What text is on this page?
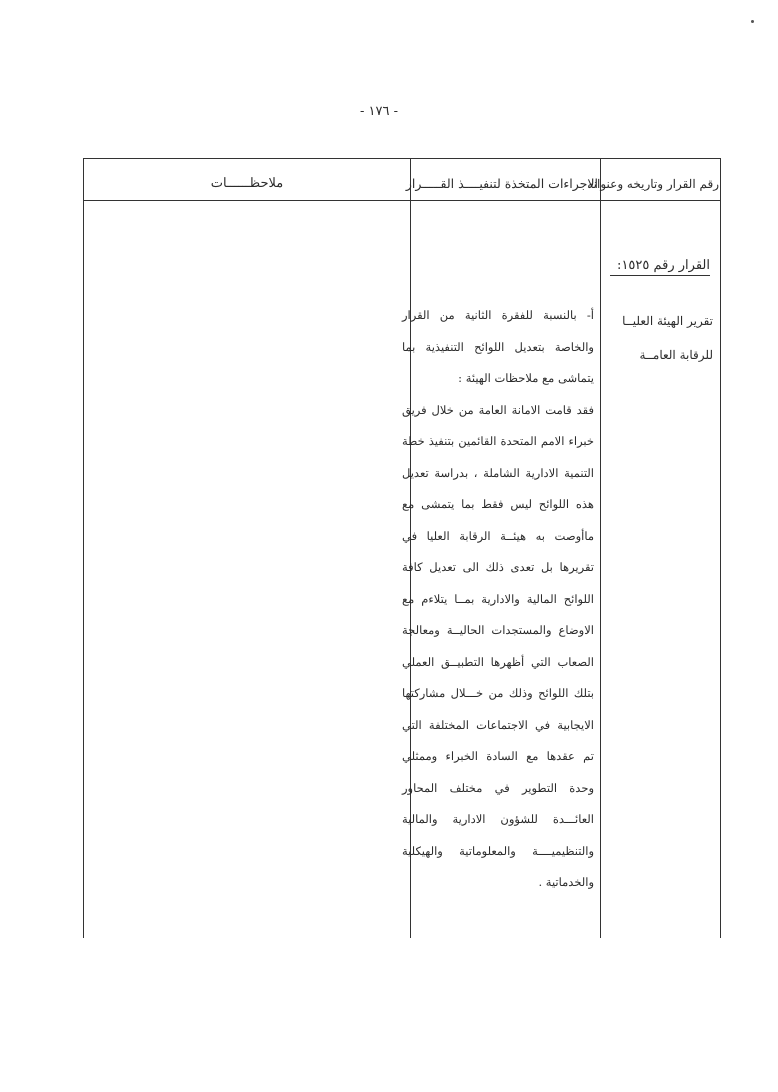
- ١٧٦ -
ملاحظــــــات	الاجراءات المتخذة لتنفيــــذ القـــــرار
رقم القرار وتاريخه وعنوانه
القرار رقم ١٥٢٥:
تقرير الهيئة العليــا للرقابة العامــة

أ- بالنسبة للفقرة الثانية من القرار والخاصة بتعديل اللوائح التنفيذية بما يتماشى مع ملاحظات الهيئة :

فقد قامت الامانة العامة من خلال فريق خبراء الامم المتحدة القائمين بتنفيذ خطة التنمية الادارية الشاملة ، بدراسة تعديل هذه اللوائح ليس فقط بما يتمشى مع ماأوصت به هيئــة الرقابة العليا في تقريرها بل تعدى ذلك الى تعديل كافة اللوائح المالية والادارية بمــا يتلاءم مع الاوضاع والمستجدات الحاليــة ومعالجة الصعاب التي أظهرها التطبيــق العملي بتلك اللوائح وذلك من خـــلال مشاركتها الايجابية في الاجتماعات المختلفة التي تم عقدها مع السادة الخبراء وممثلي وحدة التطوير في مختلف المحاور العائـــدة للشؤون الادارية والمالية والتنظيميــــة والمعلوماتية والهيكلية والخدماتية .
